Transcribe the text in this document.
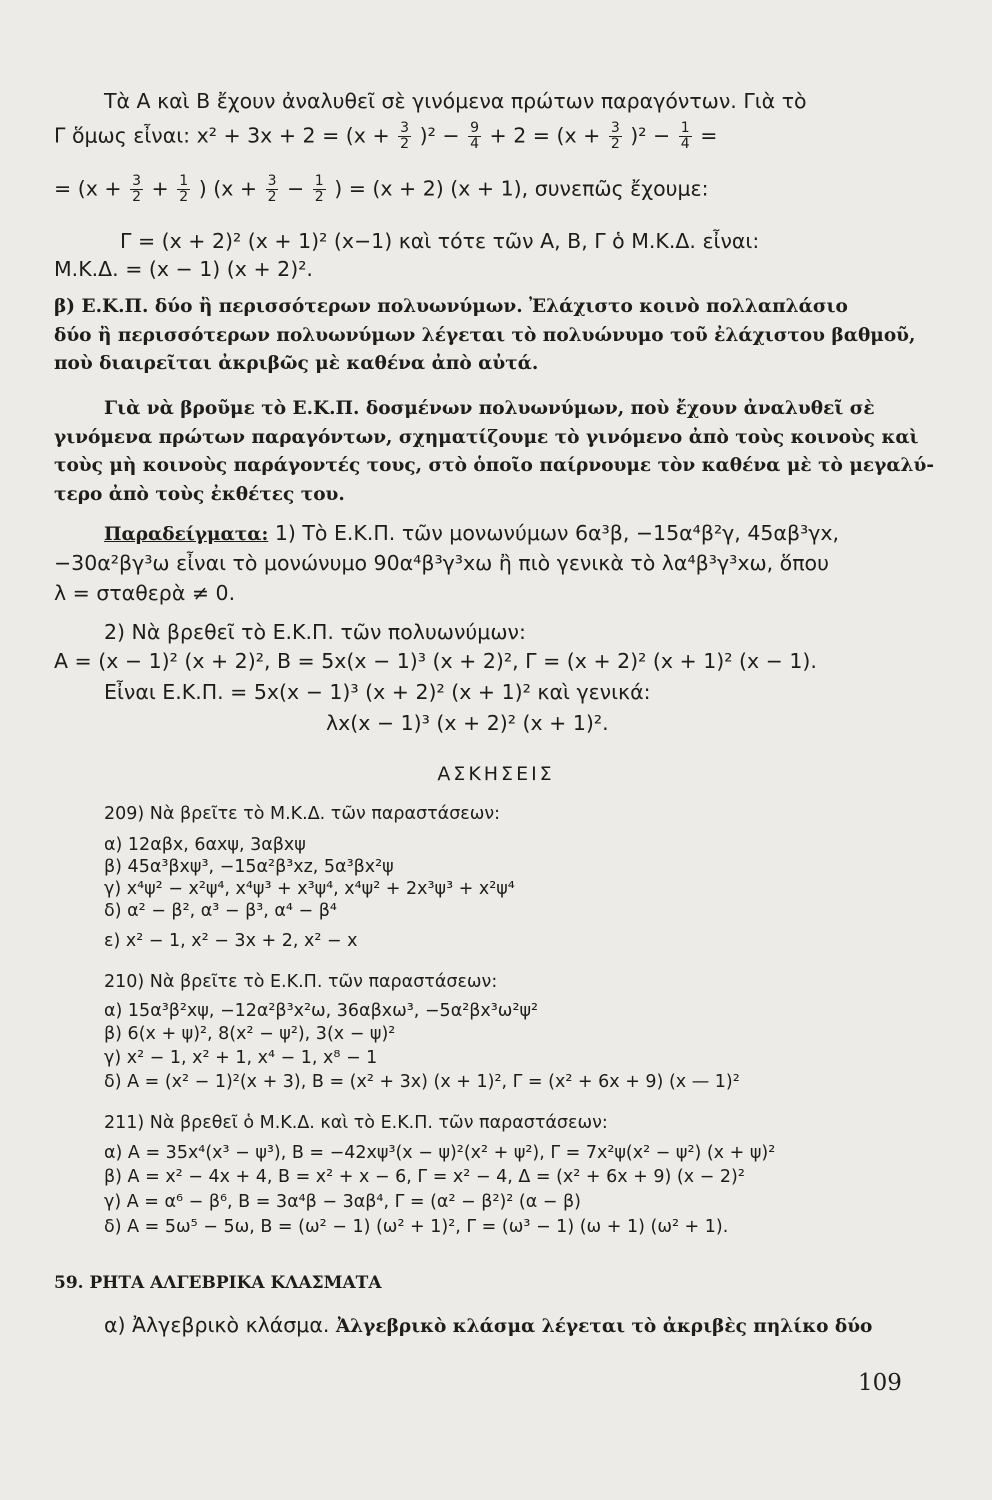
Τὰ Α καὶ Β ἔχουν ἀναλυθεῖ σὲ γινόμενα πρώτων παραγόντων. Γιὰ τὸ
Γ ὅμως εἶναι: $x^2 + 3x + 2 = (x + \frac{3}{2} )^2 - \frac{9}{4} + 2 = (x + \frac{3}{2} )^2 - \frac{1}{4}$ =
= ($x + \frac{3}{2} + \frac{1}{2}$ ) ($x + \frac{3}{2} - \frac{1}{2}$ ) = (x + 2) (x + 1), συνεπῶς ἔχουμε:
Γ = (x + 2)² (x + 1)² (x−1) καὶ τότε τῶν Α, Β, Γ ὁ Μ.Κ.Δ. εἶναι:
Μ.Κ.Δ. = (x − 1) (x + 2)².
β) Ε.Κ.Π. δύο ἢ περισσότερων πολυωνύμων. Ἐλάχιστο κοινὸ πολλαπλάσιο
δύο ἢ περισσότερων πολυωνύμων λέγεται τὸ πολυώνυμο τοῦ ἐλάχιστου βαθμοῦ,
ποὺ διαιρεῖται ἀκριβῶς μὲ καθένα ἀπὸ αὐτά.
Γιὰ νὰ βροῦμε τὸ Ε.Κ.Π. δοσμένων πολυωνύμων, ποὺ ἔχουν ἀναλυθεῖ σὲ
γινόμενα πρώτων παραγόντων, σχηματίζουμε τὸ γινόμενο ἀπὸ τοὺς κοινοὺς καὶ
τοὺς μὴ κοινοὺς παράγοντές τους, στὸ ὁποῖο παίρνουμε τὸν καθένα μὲ τὸ μεγαλύ-
τερο ἀπὸ τοὺς ἐκθέτες του.
Παραδείγματα: 1) Τὸ Ε.Κ.Π. τῶν μονωνύμων 6α³β, −15α⁴β²γ, 45αβ³γx,
−30α²βγ³ω εἶναι τὸ μονώνυμο 90α⁴β³γ³xω ἢ πιὸ γενικὰ τὸ λα⁴β³γ³xω, ὅπου
λ = σταθερὰ ≠ 0.
2) Νὰ βρεθεῖ τὸ Ε.Κ.Π. τῶν πολυωνύμων:
Α = (x − 1)² (x + 2)², Β = 5x(x − 1)³ (x + 2)², Γ = (x + 2)² (x + 1)² (x − 1).
Εἶναι Ε.Κ.Π. = 5x(x − 1)³ (x + 2)² (x + 1)² καὶ γενικά:
λx(x − 1)³ (x + 2)² (x + 1)².
ΑΣΚΗΣΕΙΣ
209) Νὰ βρεῖτε τὸ Μ.Κ.Δ. τῶν παραστάσεων:
α) 12αβx, 6αxψ, 3αβxψ
β) 45α³βxψ³, −15α²β³xz, 5α³βx²ψ
γ) x⁴ψ² − x²ψ⁴, x⁴ψ³ + x³ψ⁴, x⁴ψ² + 2x³ψ³ + x²ψ⁴
δ) α² − β², α³ − β³, α⁴ − β⁴
ε) x² − 1, x² − 3x + 2, x² − x
210) Νὰ βρεῖτε τὸ Ε.Κ.Π. τῶν παραστάσεων:
α) 15α³β²xψ, −12α²β³x²ω, 36αβxω³, −5α²βx³ω²ψ²
β) 6(x + ψ)², 8(x² − ψ²), 3(x − ψ)²
γ) x² − 1, x² + 1, x⁴ − 1, x⁸ − 1
δ) Α = (x² − 1)²(x + 3), Β = (x² + 3x) (x + 1)², Γ = (x² + 6x + 9) (x — 1)²
211) Νὰ βρεθεῖ ὁ Μ.Κ.Δ. καὶ τὸ Ε.Κ.Π. τῶν παραστάσεων:
α) Α = 35x⁴(x³ − ψ³), Β = −42xψ³(x − ψ)²(x² + ψ²), Γ = 7x²ψ(x² − ψ²) (x + ψ)²
β) Α = x² − 4x + 4, Β = x² + x − 6, Γ = x² − 4, Δ = (x² + 6x + 9) (x − 2)²
γ) Α = α⁶ − β⁶, Β = 3α⁴β − 3αβ⁴, Γ = (α² − β²)² (α − β)
δ) Α = 5ω⁵ − 5ω, Β = (ω² − 1) (ω² + 1)², Γ = (ω³ − 1) (ω + 1) (ω² + 1).
59. ΡΗΤΑ ΑΛΓΕΒΡΙΚΑ ΚΛΑΣΜΑΤΑ
α) Ἀλγεβρικὸ κλάσμα. Ἀλγεβρικὸ κλάσμα λέγεται τὸ ἀκριβὲς πηλίκο δύο
109
